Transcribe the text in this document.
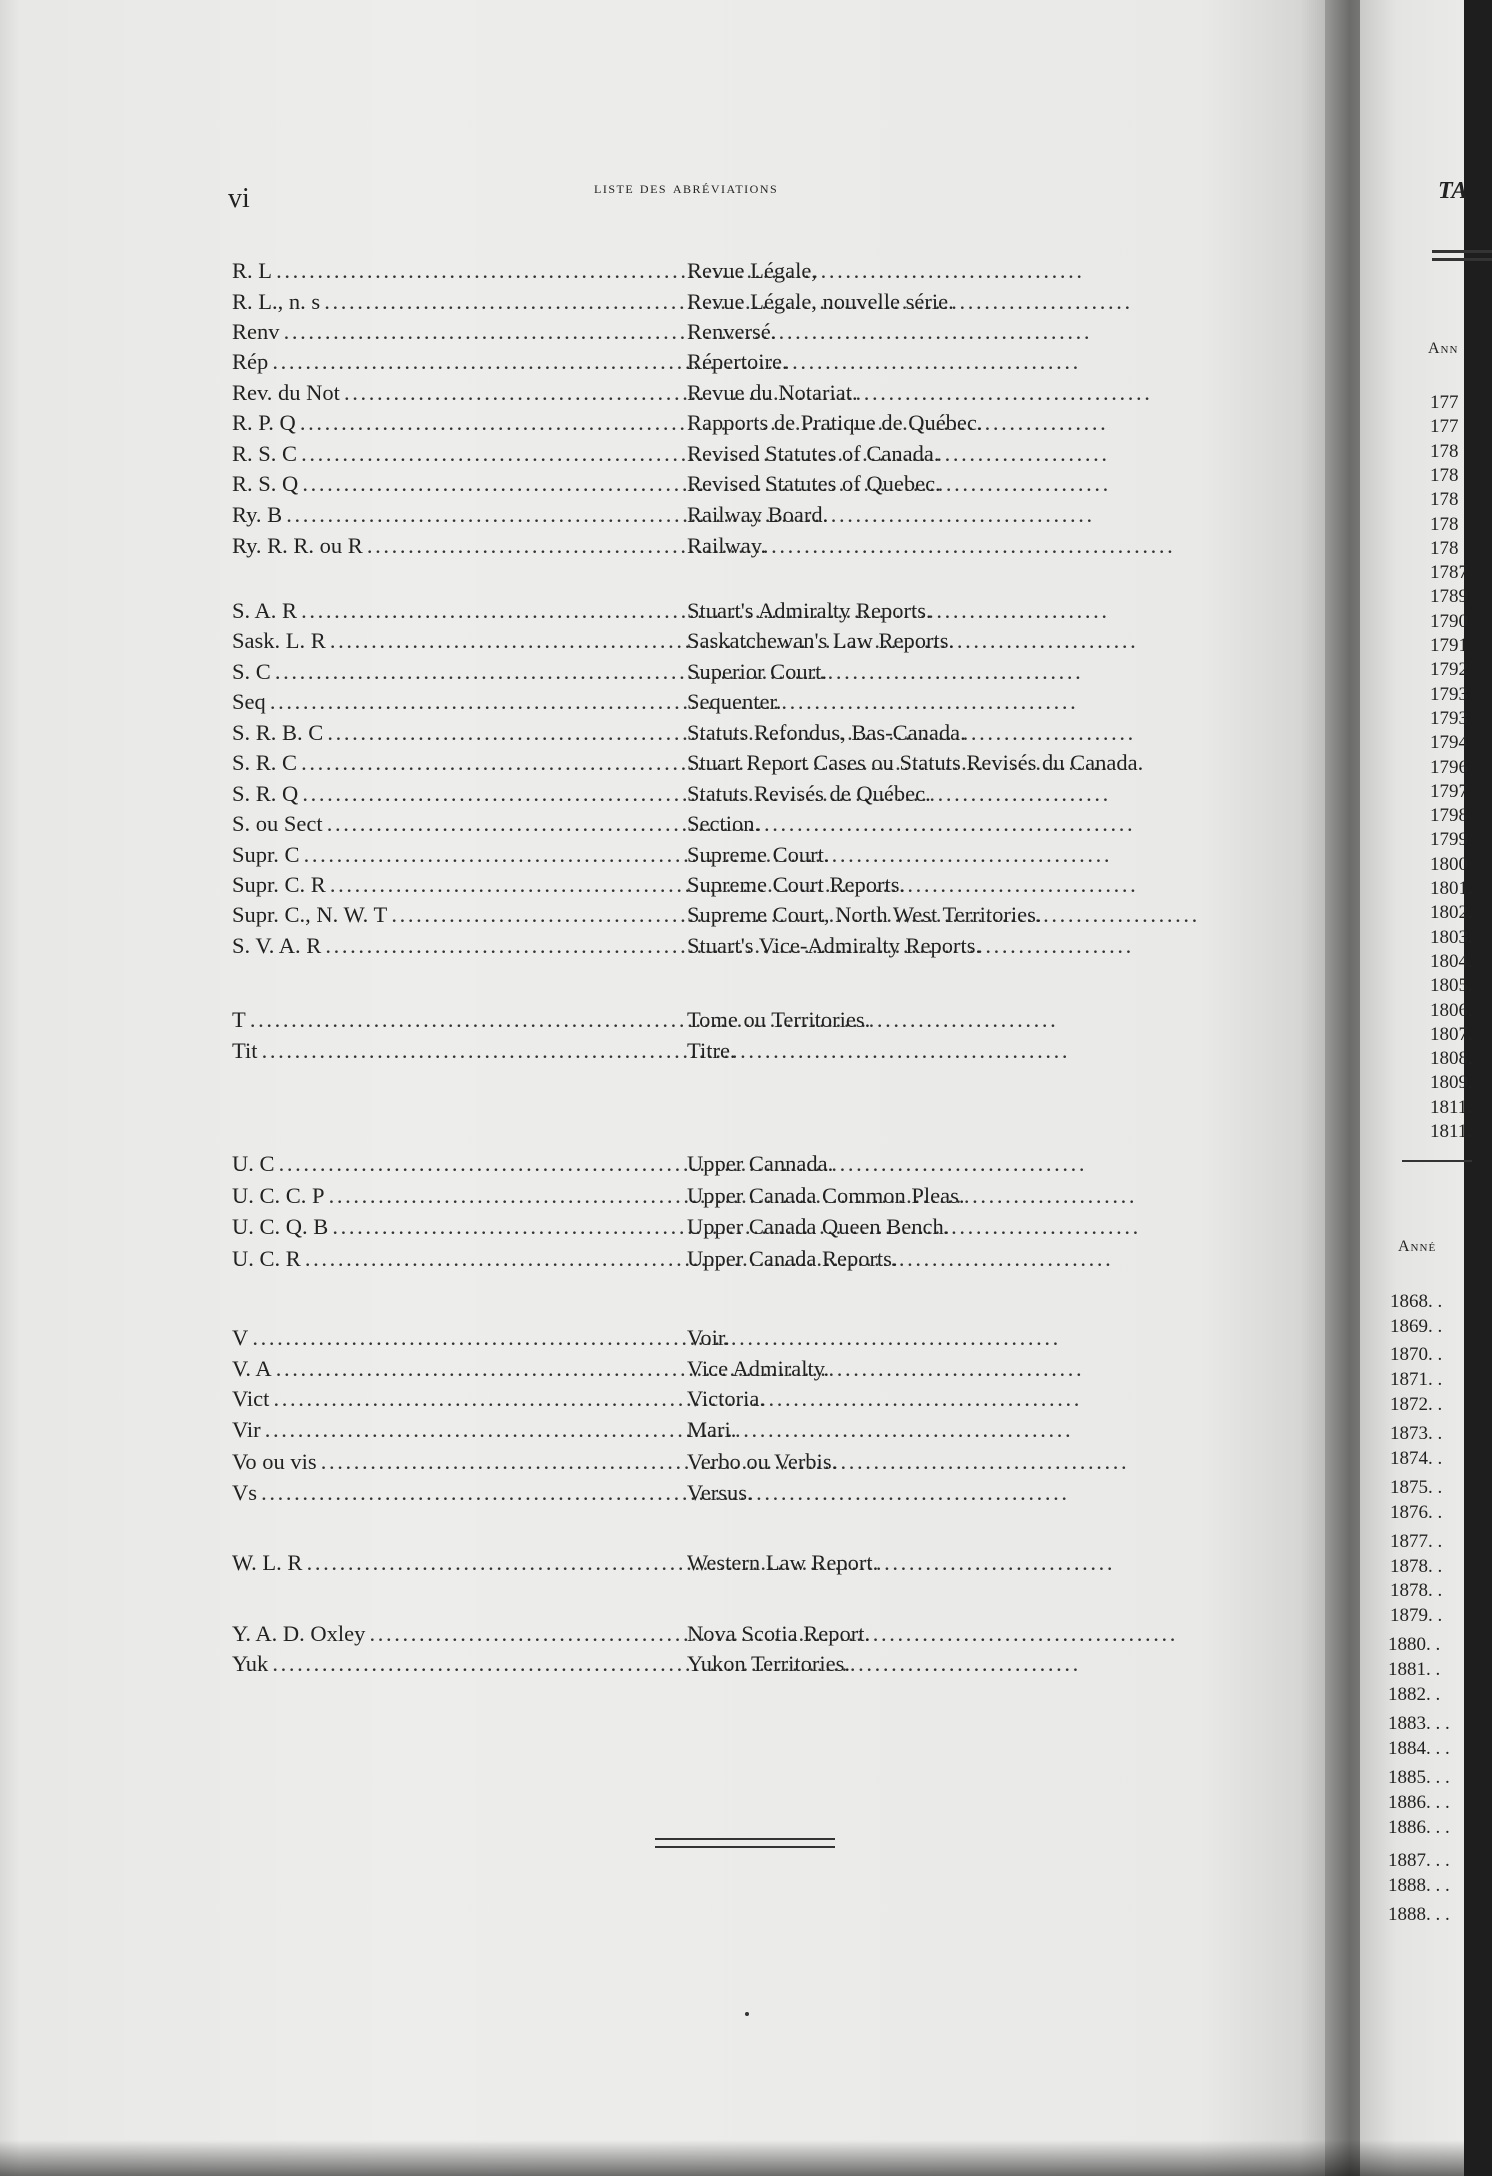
vi	liste des abréviations
R. L . . .	Revue Légale,
R. L., n. s . . .	Revue Légale, nouvelle série.
Renv . . .	Renversé.
Rép . . .	Répertoire.
Rev. du Not . . .	Revue du Notariat.
R. P. Q . . .	Rapports de Pratique de Québec.
R. S. C . . .	Revised Statutes of Canada.
R. S. Q . . .	Revised Statutes of Quebec.
Ry. B . . .	Railway Board.
Ry. R. R. ou R . . .	Railway.
S. A. R . . .	Stuart's Admiralty Reports.
Sask. L. R . . .	Saskatchewan's Law Reports.
S. C . . .	Superior Court.
Seq . . .	Sequenter.
S. R. B. C . . .	Statuts Refondus, Bas-Canada.
S. R. C . . .	Stuart Report Cases ou Statuts Revisés du Canada.
S. R. Q . . .	Statuts Revisés de Québec.
S. ou Sect . . .	Section.
Supr. C . . .	Supreme Court.
Supr. C. R . . .	Supreme Court Reports.
Supr. C., N. W. T . . .	Supreme Court, North West Territories.
S. V. A. R . . .	Stuart's Vice-Admiralty Reports.
T . . .	Tome ou Territories.
Tit . . .	Titre.
U. C . . .	Upper Cannada.
U. C. C. P . . .	Upper Canada Common Pleas.
U. C. Q. B . . .	Upper Canada Queen Bench.
U. C. R . . .	Upper Canada Reports.
V . . .	Voir.
V. A . . .	Vice Admiralty.
Vict . . .	Victoria.
Vir . . .	Mari.
Vo ou vis . . .	Verbo ou Verbis.
Vs . . .	Versus.
W. L. R . . .	Western Law Report.
Y. A. D. Oxley . . .	Nova Scotia Report.
Yuk . . .	Yukon Territories.
TA
Ann
177
177
178
178
178
178
178
1787
1789
1790
1791
1792
1793
1793
1794
1796
1797
1798
1799
1800
1801.
1802.
1803.
1804.
1805.
1806.
1807.
1808.
1809.
1811.
1811.
Anné
1868. .
1869. .
1870. .
1871. .
1872. .
1873. .
1874. .
1875. .
1876. .
1877. .
1878. .
1878. .
1879. .
1880. .
1881. .
1882. .
1883. . .
1884. . .
1885. . .
1886. . .
1886. . .
1887. . .
1888. . .
1888. . .
